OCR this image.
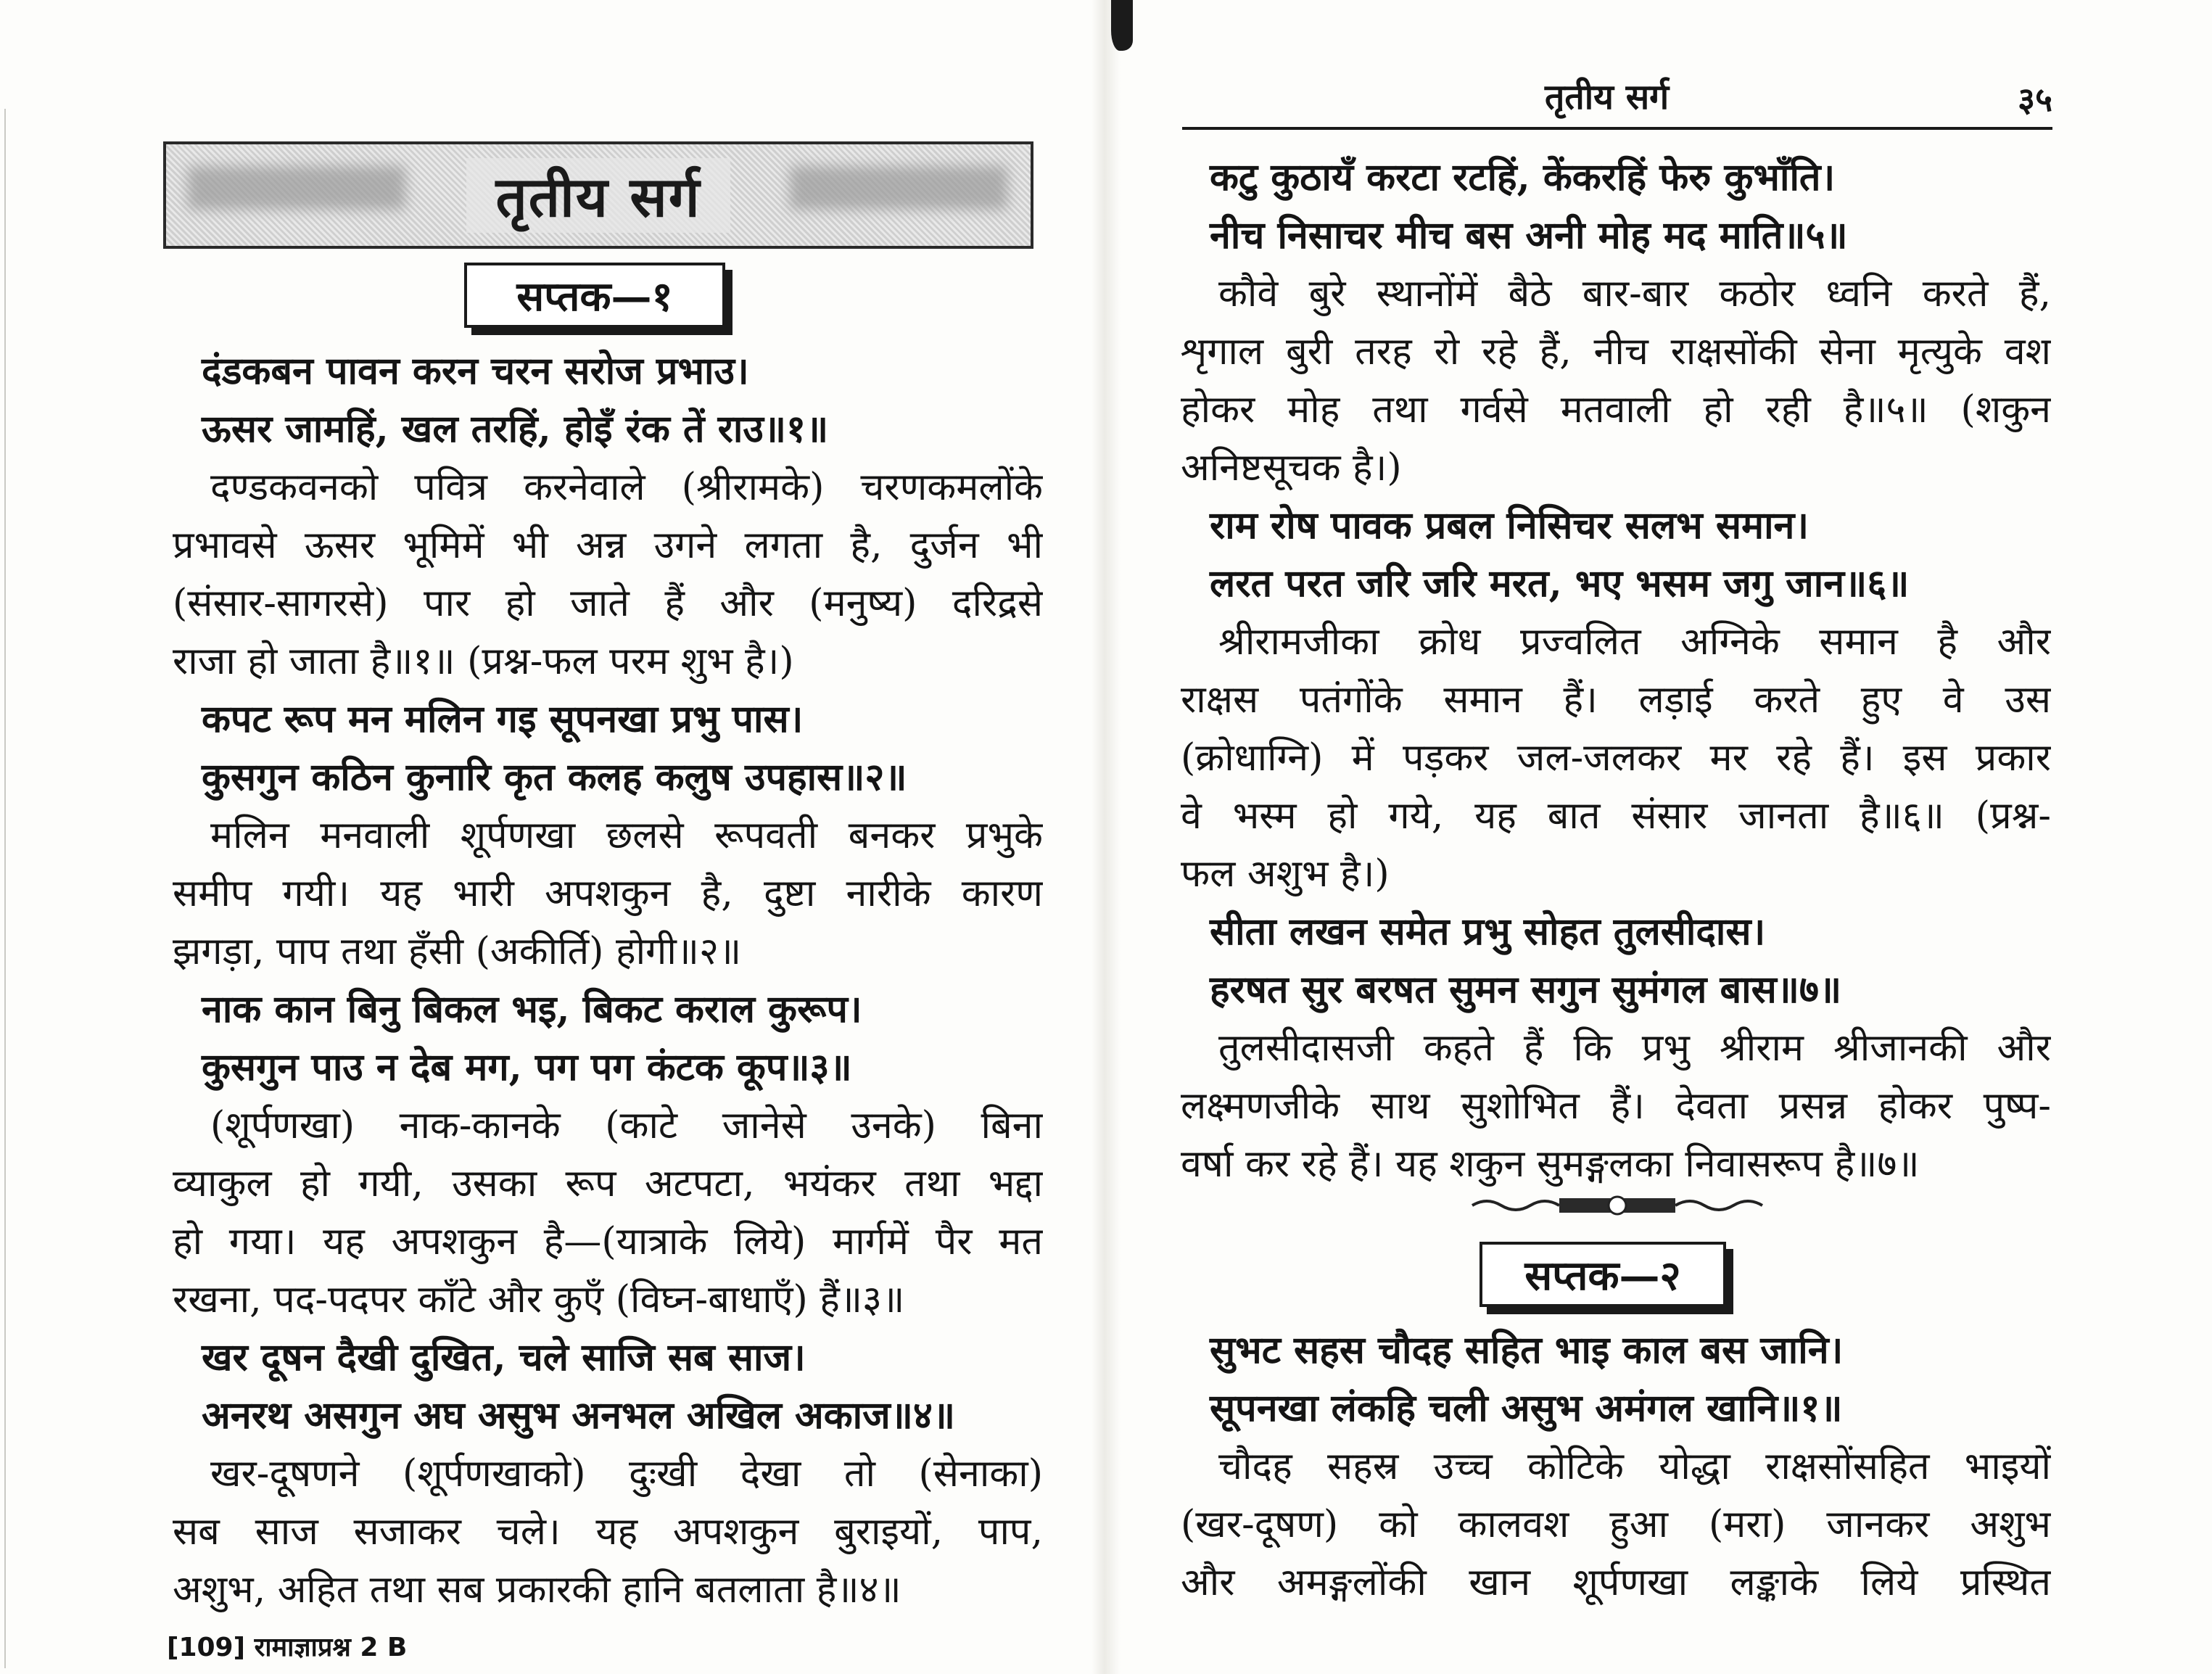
तृतीय सर्ग
सप्तक—१
दंडकबन पावन करन चरन सरोज प्रभाउ।
ऊसर जामहिं, खल तरहिं, होइँ रंक तें राउ॥१॥
दण्डकवनको पवित्र करनेवाले (श्रीरामके) चरणकमलोंके
प्रभावसे ऊसर भूमिमें भी अन्न उगने लगता है, दुर्जन भी
(संसार-सागरसे) पार हो जाते हैं और (मनुष्य) दरिद्रसे
राजा हो जाता है॥१॥ (प्रश्न-फल परम शुभ है।)
कपट रूप मन मलिन गइ सूपनखा प्रभु पास।
कुसगुन कठिन कुनारि कृत कलह कलुष उपहास॥२॥
मलिन मनवाली शूर्पणखा छलसे रूपवती बनकर प्रभुके
समीप गयी। यह भारी अपशकुन है, दुष्टा नारीके कारण
झगड़ा, पाप तथा हँसी (अकीर्ति) होगी॥२॥
नाक कान बिनु बिकल भइ, बिकट कराल कुरूप।
कुसगुन पाउ न देब मग, पग पग कंटक कूप॥३॥
(शूर्पणखा) नाक-कानके (काटे जानेसे उनके) बिना
व्याकुल हो गयी, उसका रूप अटपटा, भयंकर तथा भद्दा
हो गया। यह अपशकुन है—(यात्राके लिये) मार्गमें पैर मत
रखना, पद-पदपर काँटे और कुएँ (विघ्न-बाधाएँ) हैं॥३॥
खर दूषन दैखी दुखित, चले साजि सब साज।
अनरथ असगुन अघ असुभ अनभल अखिल अकाज॥४॥
खर-दूषणने (शूर्पणखाको) दुःखी देखा तो (सेनाका)
सब साज सजाकर चले। यह अपशकुन बुराइयों, पाप,
अशुभ, अहित तथा सब प्रकारकी हानि बतलाता है॥४॥
[109] रामाज्ञाप्रश्न 2 B
तृतीय सर्ग	३५
कटु कुठायँ करटा रटहिं, केंकरहिं फेरु कुभाँति।
नीच निसाचर मीच बस अनी मोह मद माति॥५॥
कौवे बुरे स्थानोंमें बैठे बार-बार कठोर ध्वनि करते हैं,
शृगाल बुरी तरह रो रहे हैं, नीच राक्षसोंकी सेना मृत्युके वश
होकर मोह तथा गर्वसे मतवाली हो रही है॥५॥ (शकुन
अनिष्टसूचक है।)
राम रोष पावक प्रबल निसिचर सलभ समान।
लरत परत जरि जरि मरत, भए भसम जगु जान॥६॥
श्रीरामजीका क्रोध प्रज्वलित अग्निके समान है और
राक्षस पतंगोंके समान हैं। लड़ाई करते हुए वे उस
(क्रोधाग्नि) में पड़कर जल-जलकर मर रहे हैं। इस प्रकार
वे भस्म हो गये, यह बात संसार जानता है॥६॥ (प्रश्न-
फल अशुभ है।)
सीता लखन समेत प्रभु सोहत तुलसीदास।
हरषत सुर बरषत सुमन सगुन सुमंगल बास॥७॥
तुलसीदासजी कहते हैं कि प्रभु श्रीराम श्रीजानकी और
लक्ष्मणजीके साथ सुशोभित हैं। देवता प्रसन्न होकर पुष्प-
वर्षा कर रहे हैं। यह शकुन सुमङ्गलका निवासरूप है॥७॥
सप्तक—२
सुभट सहस चौदह सहित भाइ काल बस जानि।
सूपनखा लंकहि चली असुभ अमंगल खानि॥१॥
चौदह सहस्र उच्च कोटिके योद्धा राक्षसोंसहित भाइयों
(खर-दूषण) को कालवश हुआ (मरा) जानकर अशुभ
और अमङ्गलोंकी खान शूर्पणखा लङ्काके लिये प्रस्थित
